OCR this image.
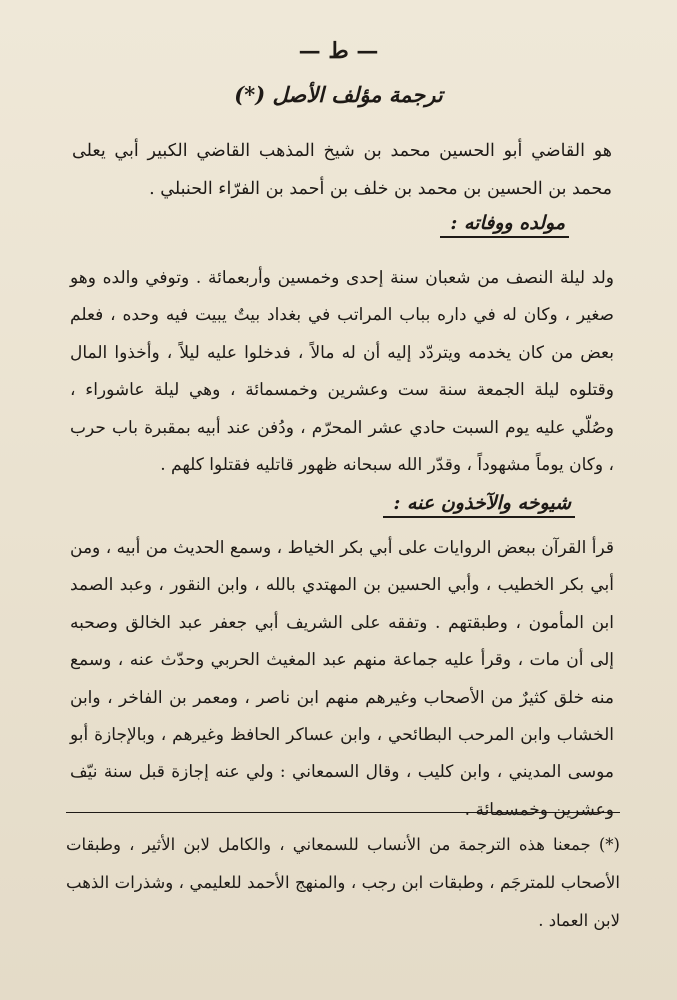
— ط —
ترجمة مؤلف الأصل (*)
هو القاضي أبو الحسين محمد بن شيخ المذهب القاضي الكبير أبي يعلى محمد بن الحسين بن محمد بن خلف بن أحمد بن الفرّاء الحنبلي .
مولده ووفاته :
ولد ليلة النصف من شعبان سنة إحدى وخمسين وأربعمائة . وتوفي والده وهو صغير ، وكان له في داره بباب المراتب في بغداد بيتٌ يبيت فيه وحده ، فعلم بعض من كان يخدمه ويتردّد إليه أن له مالاً ، فدخلوا عليه ليلاً ، وأخذوا المال وقتلوه ليلة الجمعة سنة ست وعشرين وخمسمائة ، وهي ليلة عاشوراء ، وصُلّي عليه يوم السبت حادي عشر المحرّم ، ودُفن عند أبيه بمقبرة باب حرب ، وكان يوماً مشهوداً ، وقدّر الله سبحانه ظهور قاتليه فقتلوا كلهم .
شيوخه والآخذون عنه :
قرأ القرآن ببعض الروايات على أبي بكر الخياط ، وسمع الحديث من أبيه ، ومن أبي بكر الخطيب ، وأبي الحسين بن المهتدي بالله ، وابن النقور ، وعبد الصمد ابن المأمون ، وطبقتهم . وتفقه على الشريف أبي جعفر عبد الخالق وصحبه إلى أن مات ، وقرأ عليه جماعة منهم عبد المغيث الحربي وحدّث عنه ، وسمع منه خلق كثيرٌ من الأصحاب وغيرهم منهم ابن ناصر ، ومعمر بن الفاخر ، وابن الخشاب وابن المرحب البطائحي ، وابن عساكر الحافظ وغيرهم ، وبالإجازة أبو موسى المديني ، وابن كليب ، وقال السمعاني : ولي عنه إجازة قبل سنة نيّف وعشرين وخمسمائة .
(*) جمعنا هذه الترجمة من الأنساب للسمعاني ، والكامل لابن الأثير ، وطبقات الأصحاب للمترجَم ، وطبقات ابن رجب ، والمنهج الأحمد للعليمي ، وشذرات الذهب لابن العماد .
